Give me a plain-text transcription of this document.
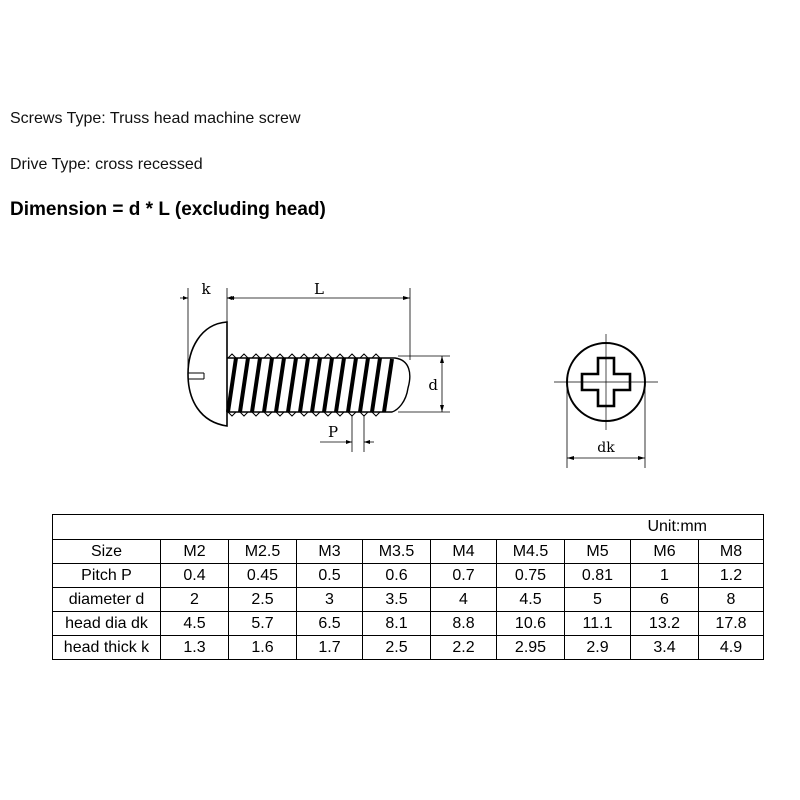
Screws Type: Truss head machine screw
Drive Type: cross recessed
Dimension = d * L (excluding head)
k	L
d
P
dk
Unit:mm									
Size	M2	M2.5	M3	M3.5	M4	M4.5	M5	M6	M8
Pitch P	0.4	0.45	0.5	0.6	0.7	0.75	0.81	1	1.2
diameter d	2	2.5	3	3.5	4	4.5	5	6	8
head dia dk	4.5	5.7	6.5	8.1	8.8	10.6	11.1	13.2	17.8
head thick k	1.3	1.6	1.7	2.5	2.2	2.95	2.9	3.4	4.9
